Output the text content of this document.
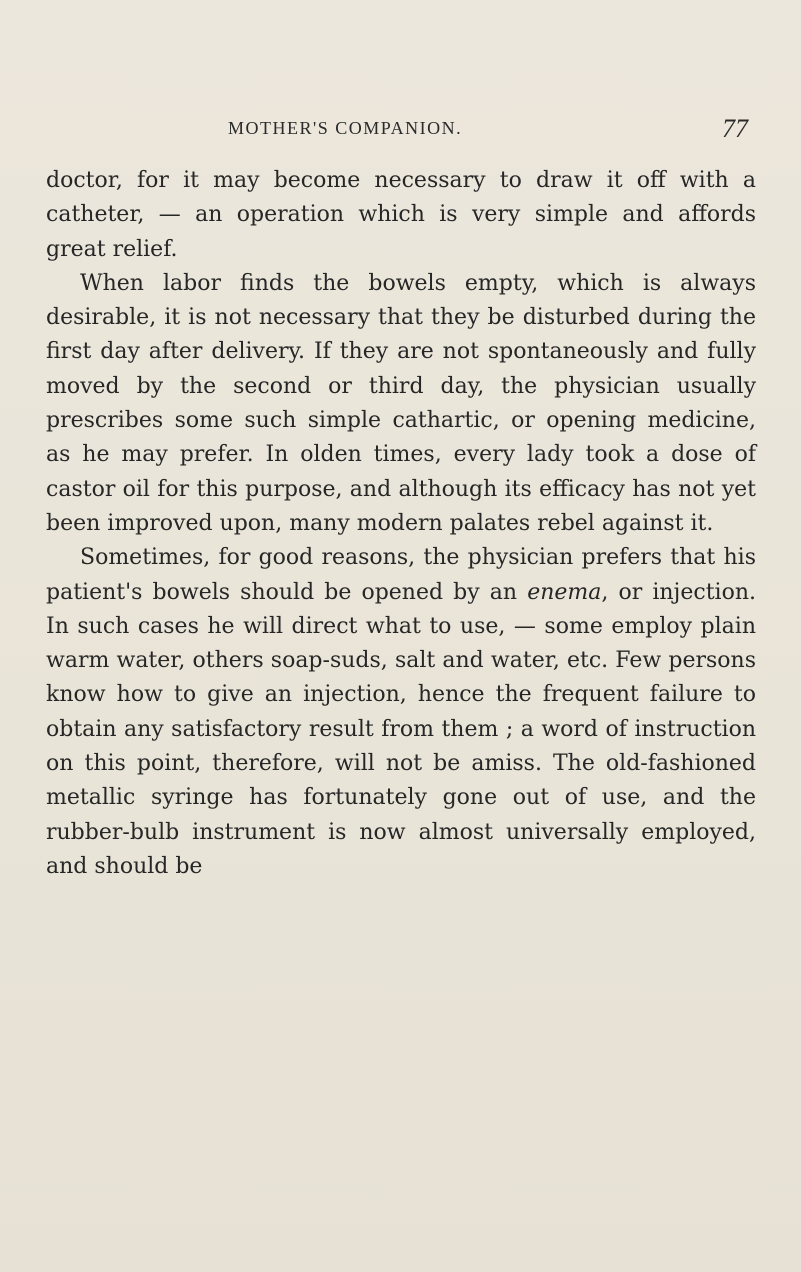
MOTHER'S COMPANION.	77

doctor, for it may become necessary to draw it off with a catheter, — an operation which is very simple and affords great relief.

When labor finds the bowels empty, which is always desirable, it is not necessary that they be disturbed during the first day after delivery. If they are not spontaneously and fully moved by the second or third day, the physician usually prescribes some such simple cathartic, or opening medicine, as he may prefer. In olden times, every lady took a dose of castor oil for this purpose, and although its efficacy has not yet been improved upon, many modern palates rebel against it.

Sometimes, for good reasons, the physician prefers that his patient's bowels should be opened by an enema, or injection. In such cases he will direct what to use, — some employ plain warm water, others soap-suds, salt and water, etc. Few persons know how to give an injection, hence the frequent failure to obtain any satisfactory result from them ; a word of instruction on this point, therefore, will not be amiss. The old-fashioned metallic syringe has fortunately gone out of use, and the rubber-bulb instrument is now almost universally employed, and should be
